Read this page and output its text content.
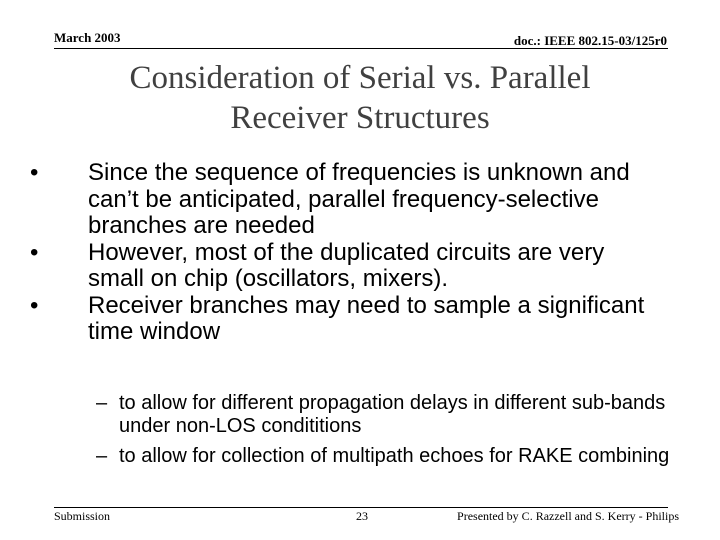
March 2003	doc.: IEEE 802.15-03/125r0
Consideration of Serial vs. Parallel
Receiver Structures
•	Since the sequence of frequencies is unknown and can’t be anticipated, parallel frequency-selective branches are needed
•	However, most of the duplicated circuits are very small on chip (oscillators, mixers).
•	Receiver branches may need to sample a significant time window
– to allow for different propagation delays in different sub-bands under non-LOS condititions
– to allow for collection of multipath echoes for RAKE combining
Submission	23	Presented by C. Razzell and S. Kerry - Philips
